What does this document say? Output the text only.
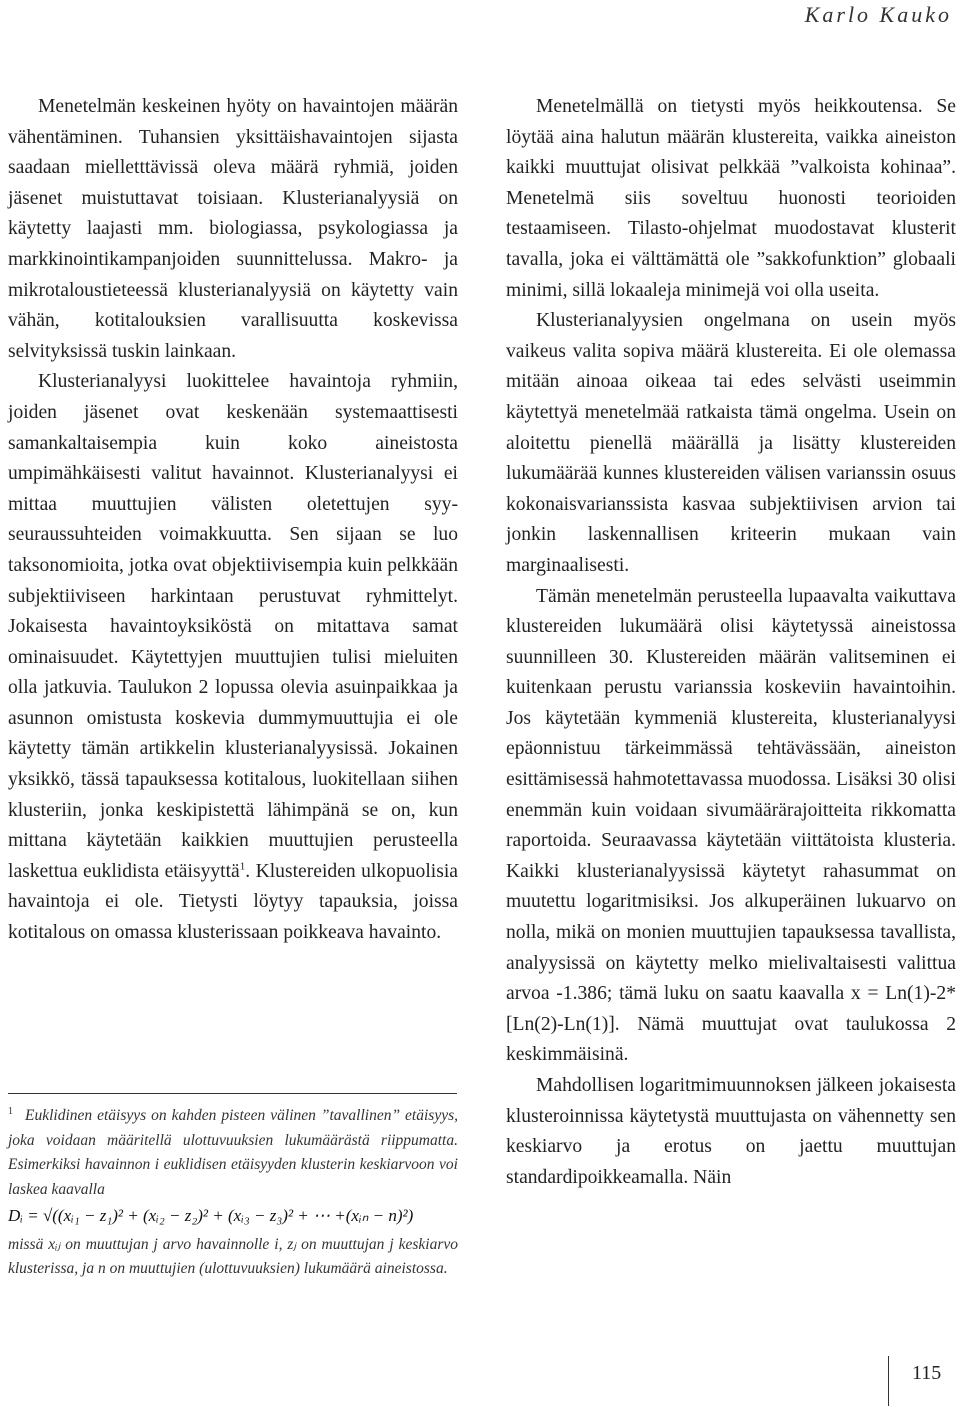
Karlo Kauko

Menetelmän keskeinen hyöty on havaintojen määrän vähentäminen. Tuhansien yksittäishavaintojen sijasta saadaan mielletttävissä oleva määrä ryhmiä, joiden jäsenet muistuttavat toisiaan. Klusterianalyysiä on käytetty laajasti mm. biologiassa, psykologiassa ja markkinointikampanjoiden suunnittelussa. Makro- ja mikrotaloustieteessä klusterianalyysiä on käytetty vain vähän, kotitalouksien varallisuutta koskevissa selvityksissä tuskin lainkaan.

Klusterianalyysi luokittelee havaintoja ryhmiin, joiden jäsenet ovat keskenään systemaattisesti samankaltaisempia kuin koko aineistosta umpimähkäisesti valitut havainnot. Klusterianalyysi ei mittaa muuttujien välisten oletettujen syy-seuraussuhteiden voimakkuutta. Sen sijaan se luo taksonomioita, jotka ovat objektiivisempia kuin pelkkään subjektiiviseen harkintaan perustuvat ryhmittelyt. Jokaisesta havaintoyksiköstä on mitattava samat ominaisuudet. Käytettyjen muuttujien tulisi mieluiten olla jatkuvia. Taulukon 2 lopussa olevia asuinpaikkaa ja asunnon omistusta koskevia dummymuuttujia ei ole käytetty tämän artikkelin klusterianalyysissä. Jokainen yksikkö, tässä tapauksessa kotitalous, luokitellaan siihen klusteriin, jonka keskipistettä lähimpänä se on, kun mittana käytetään kaikkien muuttujien perusteella laskettua euklidista etäisyyttä$^1$. Klustereiden ulkopuolisia havaintoja ei ole. Tietysti löytyy tapauksia, joissa kotitalous on omassa klusterissaan poikkeava havainto.

$^1$ Euklidinen etäisyys on kahden pisteen välinen ”tavallinen” etäisyys, joka voidaan määritellä ulottuvuuksien lukumäärästä riippumatta. Esimerkiksi havainnon i euklidisen etäisyyden klusterin keskiarvoon voi laskea kaavalla
Dᵢ = √((xᵢ₁ − z₁)² + (xᵢ₂ − z₂)² + (xᵢ₃ − z₃)² + ⋯ +(xᵢₙ − n)²)
missä xᵢⱼ on muuttujan j arvo havainnolle i, zⱼ on muuttujan j keskiarvo klusterissa, ja n on muuttujien (ulottuvuuksien) lukumäärä aineistossa.

Menetelmällä on tietysti myös heikkoutensa. Se löytää aina halutun määrän klustereita, vaikka aineiston kaikki muuttujat olisivat pelkkää ”valkoista kohinaa”. Menetelmä siis soveltuu huonosti teorioiden testaamiseen. Tilasto-ohjelmat muodostavat klusterit tavalla, joka ei välttämättä ole ”sakkofunktion” globaali minimi, sillä lokaaleja minimejä voi olla useita.

Klusterianalyysien ongelmana on usein myös vaikeus valita sopiva määrä klustereita. Ei ole olemassa mitään ainoaa oikeaa tai edes selvästi useimmin käytettyä menetelmää ratkaista tämä ongelma. Usein on aloitettu pienellä määrällä ja lisätty klustereiden lukumäärää kunnes klustereiden välisen varianssin osuus kokonaisvarianssista kasvaa subjektiivisen arvion tai jonkin laskennallisen kriteerin mukaan vain marginaalisesti.

Tämän menetelmän perusteella lupaavalta vaikuttava klustereiden lukumäärä olisi käytetyssä aineistossa suunnilleen 30. Klustereiden määrän valitseminen ei kuitenkaan perustu varianssia koskeviin havaintoihin. Jos käytetään kymmeniä klustereita, klusterianalyysi epäonnistuu tärkeimmässä tehtävässään, aineiston esittämisessä hahmotettavassa muodossa. Lisäksi 30 olisi enemmän kuin voidaan sivumäärärajoitteita rikkomatta raportoida. Seuraavassa käytetään viittätoista klusteria. Kaikki klusterianalyysissä käytetyt rahasummat on muutettu logaritmisiksi. Jos alkuperäinen lukuarvo on nolla, mikä on monien muuttujien tapauksessa tavallista, analyysissä on käytetty melko mielivaltaisesti valittua arvoa -1.386; tämä luku on saatu kaavalla x = Ln(1)-2*[Ln(2)-Ln(1)]. Nämä muuttujat ovat taulukossa 2 keskimmäisinä.

Mahdollisen logaritmimuunnoksen jälkeen jokaisesta klusteroinnissa käytetystä muuttujasta on vähennetty sen keskiarvo ja erotus on jaettu muuttujan standardipoikkeamalla. Näin

115
